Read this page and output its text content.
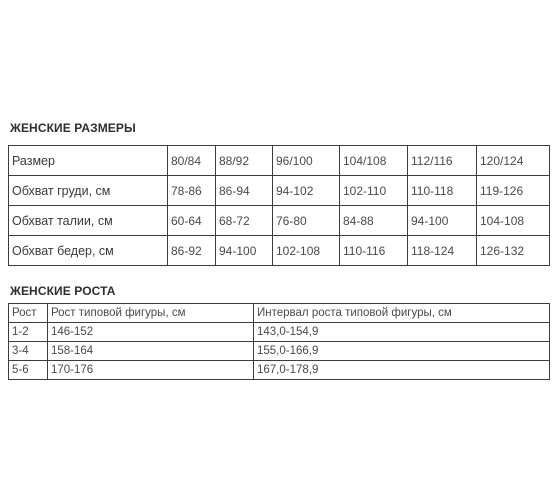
ЖЕНСКИЕ РАЗМЕРЫ
Размер	80/84	88/92	96/100	104/108	112/116	120/124
Обхват груди, см	78-86	86-94	94-102	102-110	110-118	119-126
Обхват талии, см	60-64	68-72	76-80	84-88	94-100	104-108
Обхват бедер, см	86-92	94-100	102-108	110-116	118-124	126-132
ЖЕНСКИЕ РОСТА
Рост	Рост типовой фигуры, см	Интервал роста типовой фигуры, см
1-2	146-152	143,0-154,9
3-4	158-164	155,0-166,9
5-6	170-176	167,0-178,9
